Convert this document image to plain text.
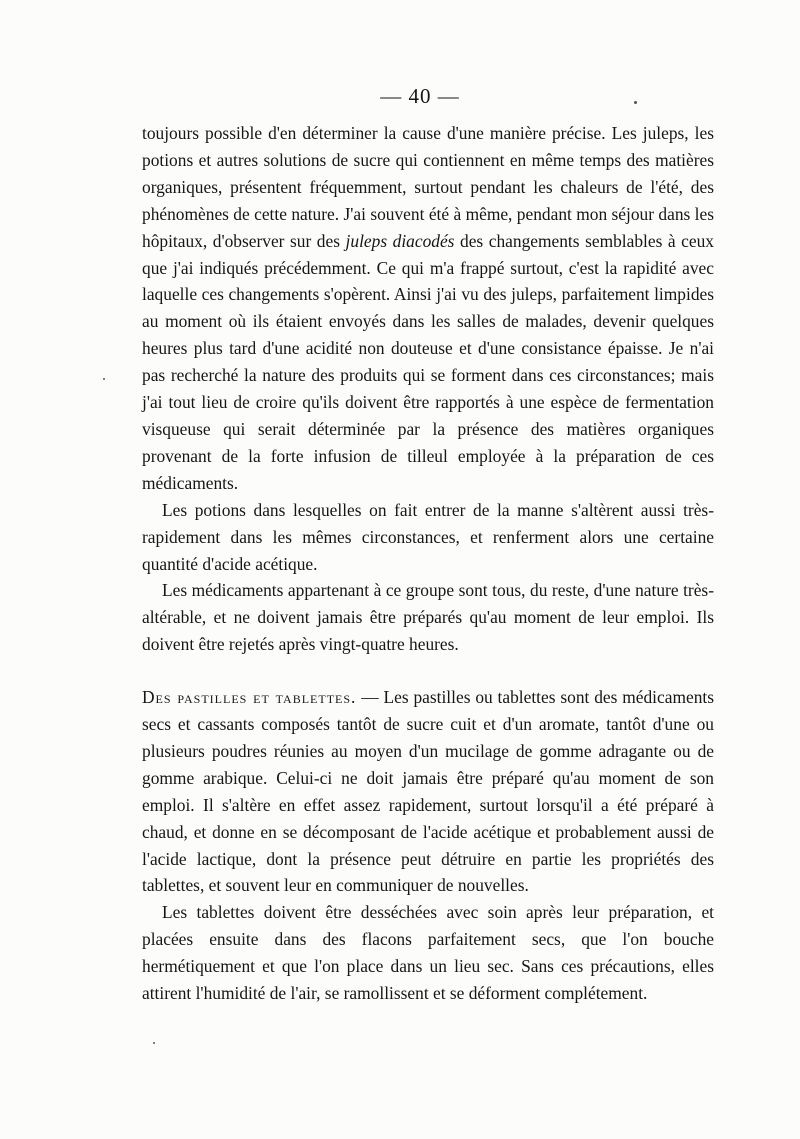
— 40 —

toujours possible d'en déterminer la cause d'une manière précise. Les juleps, les potions et autres solutions de sucre qui contiennent en même temps des matières organiques, présentent fréquemment, surtout pendant les chaleurs de l'été, des phénomènes de cette nature. J'ai souvent été à même, pendant mon séjour dans les hôpitaux, d'observer sur des juleps diacodés des changements semblables à ceux que j'ai indiqués précédemment. Ce qui m'a frappé surtout, c'est la rapidité avec laquelle ces changements s'opèrent. Ainsi j'ai vu des juleps, parfaitement limpides au moment où ils étaient envoyés dans les salles de malades, devenir quelques heures plus tard d'une acidité non douteuse et d'une consistance épaisse. Je n'ai pas recherché la nature des produits qui se forment dans ces circonstances; mais j'ai tout lieu de croire qu'ils doivent être rapportés à une espèce de fermentation visqueuse qui serait déterminée par la présence des matières organiques provenant de la forte infusion de tilleul employée à la préparation de ces médicaments.

Les potions dans lesquelles on fait entrer de la manne s'altèrent aussi très-rapidement dans les mêmes circonstances, et renferment alors une certaine quantité d'acide acétique.

Les médicaments appartenant à ce groupe sont tous, du reste, d'une nature très-altérable, et ne doivent jamais être préparés qu'au moment de leur emploi. Ils doivent être rejetés après vingt-quatre heures.

Des pastilles et tablettes. — Les pastilles ou tablettes sont des médicaments secs et cassants composés tantôt de sucre cuit et d'un aromate, tantôt d'une ou plusieurs poudres réunies au moyen d'un mucilage de gomme adragante ou de gomme arabique. Celui-ci ne doit jamais être préparé qu'au moment de son emploi. Il s'altère en effet assez rapidement, surtout lorsqu'il a été préparé à chaud, et donne en se décomposant de l'acide acétique et probablement aussi de l'acide lactique, dont la présence peut détruire en partie les propriétés des tablettes, et souvent leur en communiquer de nouvelles.

Les tablettes doivent être desséchées avec soin après leur préparation, et placées ensuite dans des flacons parfaitement secs, que l'on bouche hermétiquement et que l'on place dans un lieu sec. Sans ces précautions, elles attirent l'humidité de l'air, se ramollissent et se déforment complétement.
